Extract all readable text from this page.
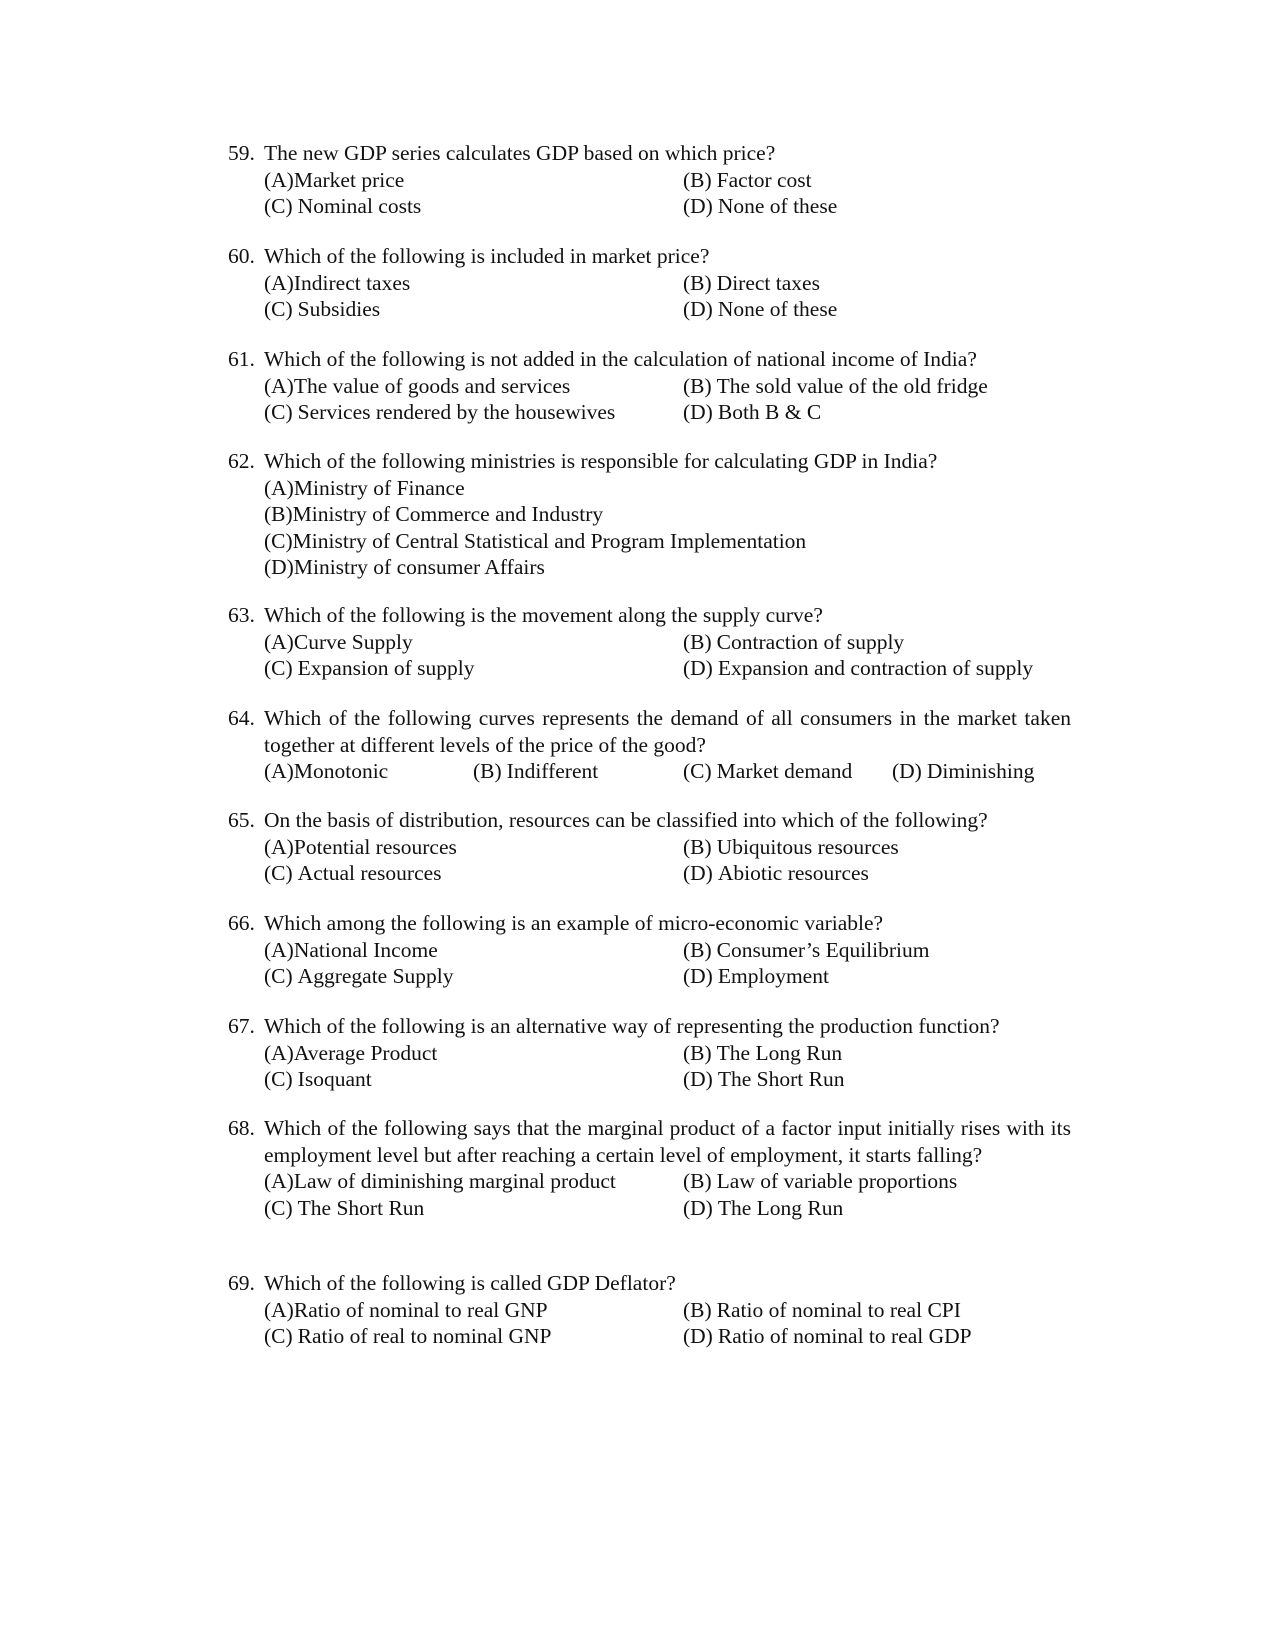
59. The new GDP series calculates GDP based on which price?
(A) Market price	(B) Factor cost
(C) Nominal costs	(D) None of these
60. Which of the following is included in market price?
(A) Indirect taxes	(B) Direct taxes
(C) Subsidies	(D) None of these
61. Which of the following is not added in the calculation of national income of India?
(A) The value of goods and services	(B) The sold value of the old fridge
(C) Services rendered by the housewives	(D) Both B & C
62. Which of the following ministries is responsible for calculating GDP in India?
(A) Ministry of Finance
(B) Ministry of Commerce and Industry
(C) Ministry of Central Statistical and Program Implementation
(D) Ministry of consumer Affairs
63. Which of the following is the movement along the supply curve?
(A) Curve Supply	(B) Contraction of supply
(C) Expansion of supply	(D) Expansion and contraction of supply
64. Which of the following curves represents the demand of all consumers in the market taken together at different levels of the price of the good?
(A) Monotonic	(B) Indifferent	(C) Market demand (D) Diminishing
65. On the basis of distribution, resources can be classified into which of the following?
(A) Potential resources	(B) Ubiquitous resources
(C) Actual resources	(D) Abiotic resources
66. Which among the following is an example of micro-economic variable?
(A) National Income	(B) Consumer’s Equilibrium
(C) Aggregate Supply	(D) Employment
67. Which of the following is an alternative way of representing the production function?
(A) Average Product	(B) The Long Run
(C) Isoquant	(D) The Short Run
68. Which of the following says that the marginal product of a factor input initially rises with its employment level but after reaching a certain level of employment, it starts falling?
(A) Law of diminishing marginal product	(B) Law of variable proportions
(C) The Short Run	(D) The Long Run
69. Which of the following is called GDP Deflator?
(A) Ratio of nominal to real GNP	(B) Ratio of nominal to real CPI
(C) Ratio of real to nominal GNP	(D) Ratio of nominal to real GDP
